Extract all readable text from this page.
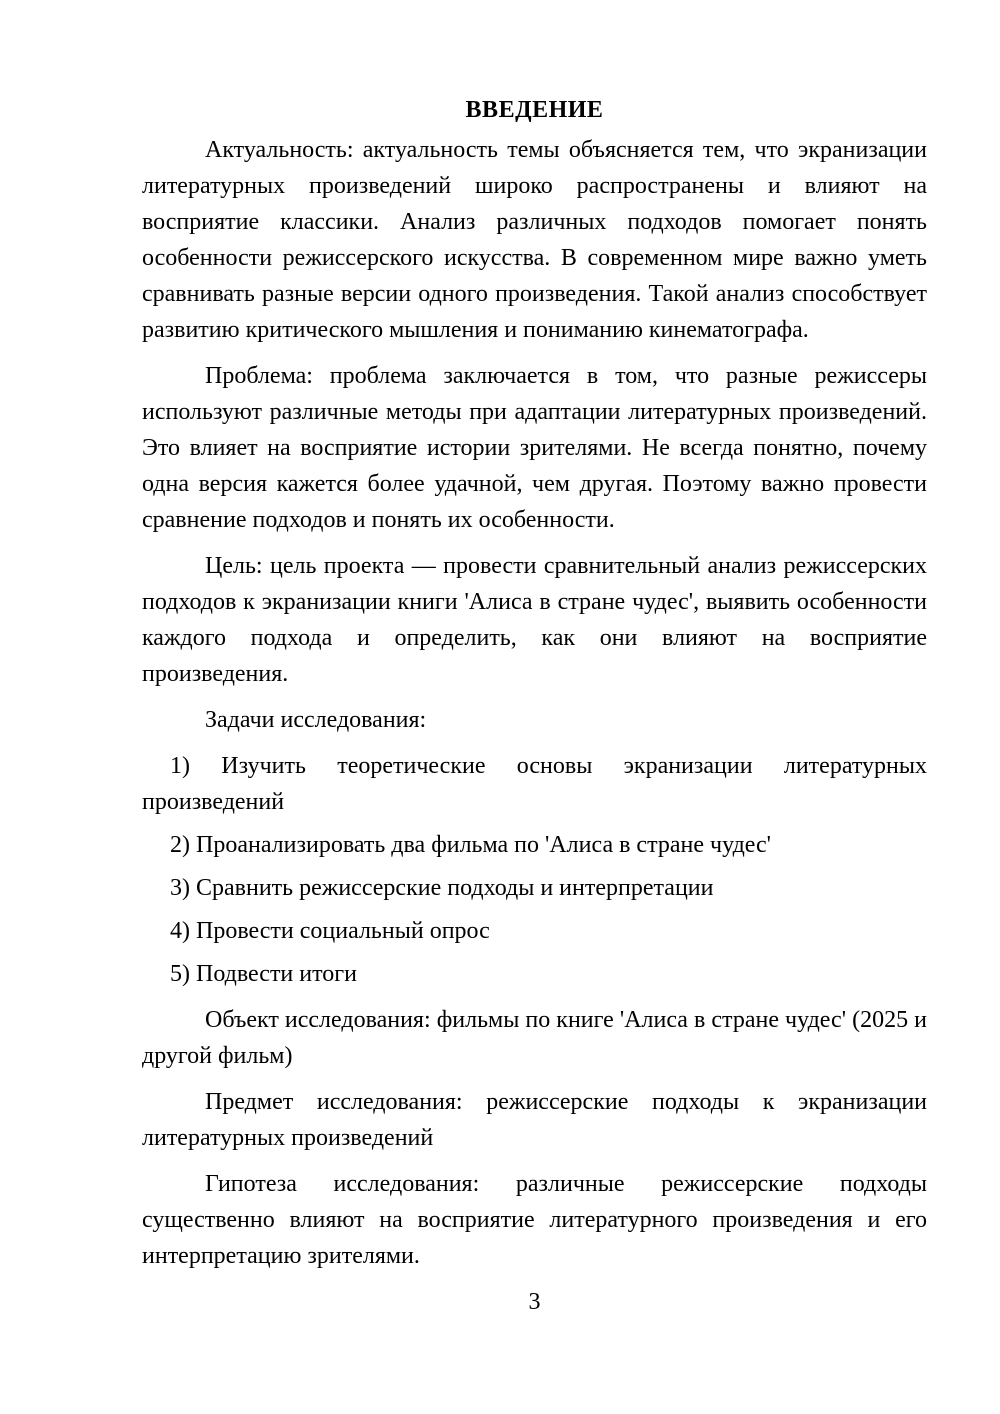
ВВЕДЕНИЕ

Актуальность: актуальность темы объясняется тем, что экранизации литературных произведений широко распространены и влияют на восприятие классики. Анализ различных подходов помогает понять особенности режиссерского искусства. В современном мире важно уметь сравнивать разные версии одного произведения. Такой анализ способствует развитию критического мышления и пониманию кинематографа.

Проблема: проблема заключается в том, что разные режиссеры используют различные методы при адаптации литературных произведений. Это влияет на восприятие истории зрителями. Не всегда понятно, почему одна версия кажется более удачной, чем другая. Поэтому важно провести сравнение подходов и понять их особенности.

Цель: цель проекта — провести сравнительный анализ режиссерских подходов к экранизации книги 'Алиса в стране чудес', выявить особенности каждого подхода и определить, как они влияют на восприятие произведения.

Задачи исследования:

1) Изучить теоретические основы экранизации литературных произведений

2) Проанализировать два фильма по 'Алиса в стране чудес'

3) Сравнить режиссерские подходы и интерпретации

4) Провести социальный опрос

5) Подвести итоги

Объект исследования: фильмы по книге 'Алиса в стране чудес' (2025 и другой фильм)

Предмет исследования: режиссерские подходы к экранизации литературных произведений

Гипотеза исследования: различные режиссерские подходы существенно влияют на восприятие литературного произведения и его интерпретацию зрителями.

3
